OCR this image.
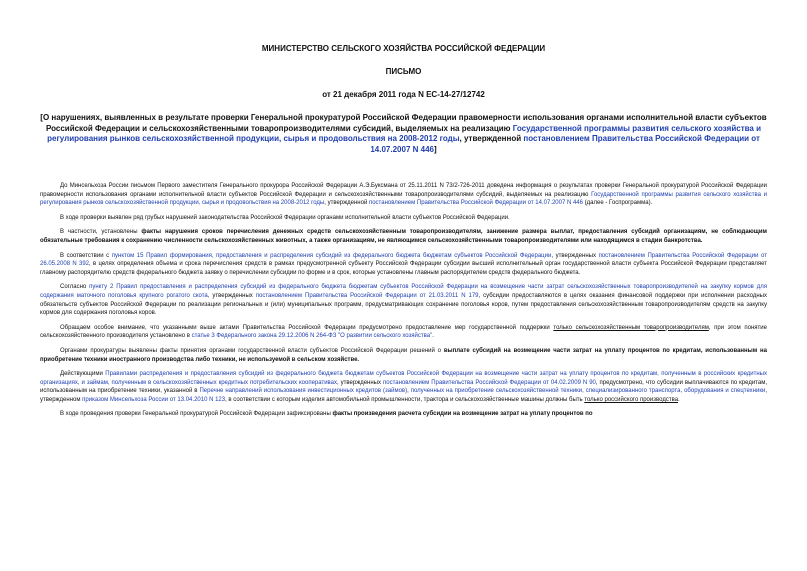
МИНИСТЕРСТВО СЕЛЬСКОГО ХОЗЯЙСТВА РОССИЙСКОЙ ФЕДЕРАЦИИ
ПИСЬМО
от 21 декабря 2011 года N ЕС-14-27/12742
[О нарушениях, выявленных в результате проверки Генеральной прокуратурой Российской Федерации правомерности использования органами исполнительной власти субъектов Российской Федерации и сельскохозяйственными товаропроизводителями субсидий, выделяемых на реализацию Государственной программы развития сельского хозяйства и регулирования рынков сельскохозяйственной продукции, сырья и продовольствия на 2008-2012 годы, утвержденной постановлением Правительства Российской Федерации от 14.07.2007 N 446]

До Минсельхоза России письмом Первого заместителя Генерального прокурора Российской Федерации А.Э.Буксмана от 25.11.2011 N 73/2-726-2011 доведена информация о результатах проверки Генеральной прокуратурой Российской Федерации правомерности использования органами исполнительной власти субъектов Российской Федерации и сельскохозяйственными товаропроизводителями субсидий, выделяемых на реализацию Государственной программы развития сельского хозяйства и регулирования рынков сельскохозяйственной продукции, сырья и продовольствия на 2008-2012 годы, утвержденной постановлением Правительства Российской Федерации от 14.07.2007 N 446 (далее - Госпрограмма).

В ходе проверки выявлен ряд грубых нарушений законодательства Российской Федерации органами исполнительной власти субъектов Российской Федерации.

В частности, установлены факты нарушения сроков перечисления денежных средств сельскохозяйственным товаропроизводителям, занижение размера выплат, предоставления субсидий организациям, не соблюдающим обязательные требования к сохранению численности сельскохозяйственных животных, а также организациям, не являющимся сельскохозяйственными товаропроизводителями или находящимся в стадии банкротства.

В соответствии с пунктом 15 Правил формирования, предоставления и распределения субсидий из федерального бюджета бюджетам субъектов Российской Федерации, утвержденных постановлением Правительства Российской Федерации от 26.05.2008 N 392, в целях определения объема и срока перечисления средств в рамках предусмотренной субъекту Российской Федерации субсидии высший исполнительный орган государственной власти субъекта Российской Федерации представляет главному распорядителю средств федерального бюджета заявку о перечислении субсидии по форме и в срок, которые установлены главным распорядителем средств федерального бюджета.

Согласно пункту 2 Правил предоставления и распределения субсидий из федерального бюджета бюджетам субъектов Российской Федерации на возмещение части затрат сельскохозяйственных товаропроизводителей на закупку кормов для содержания маточного поголовья крупного рогатого скота, утвержденных постановлением Правительства Российской Федерации от 21.03.2011 N 179, субсидии предоставляются в целях оказания финансовой поддержки при исполнении расходных обязательств субъектов Российской Федерации по реализации региональных и (или) муниципальных программ, предусматривающих сохранение поголовья коров, путем предоставления сельскохозяйственным товаропроизводителям средств на закупку кормов для содержания поголовья коров.

Обращаем особое внимание, что указанными выше актами Правительства Российской Федерации предусмотрено предоставление мер государственной поддержки только сельскохозяйственным товаропроизводителям, при этом понятие сельскохозяйственного производителя установлено в статье 3 Федерального закона 29.12.2006 N 264-ФЗ "О развитии сельского хозяйства".

Органами прокуратуры выявлены факты принятия органами государственной власти субъектов Российской Федерации решений о выплате субсидий на возмещение части затрат на уплату процентов по кредитам, использованным на приобретение техники иностранного производства либо техники, не используемой в сельском хозяйстве.

Действующими Правилами распределения и предоставления субсидий из федерального бюджета бюджетам субъектов Российской Федерации на возмещение части затрат на уплату процентов по кредитам, полученным в российских кредитных организациях, и займам, полученным в сельскохозяйственных кредитных потребительских кооперативах, утвержденных постановлением Правительства Российской Федерации от 04.02.2009 N 90, предусмотрено, что субсидии выплачиваются по кредитам, использованным на приобретение техники, указанной в Перечне направлений использования инвестиционных кредитов (займов), полученных на приобретение сельскохозяйственной техники, специализированного транспорта, оборудования и спецтехники, утвержденном приказом Минсельхоза России от 13.04.2010 N 123, в соответствии с которым изделия автомобильной промышленности, трактора и сельскохозяйственные машины должны быть только российского производства.

В ходе проведения проверки Генеральной прокуратурой Российской Федерации зафиксированы факты произведения расчета субсидии на возмещение затрат на уплату процентов по
